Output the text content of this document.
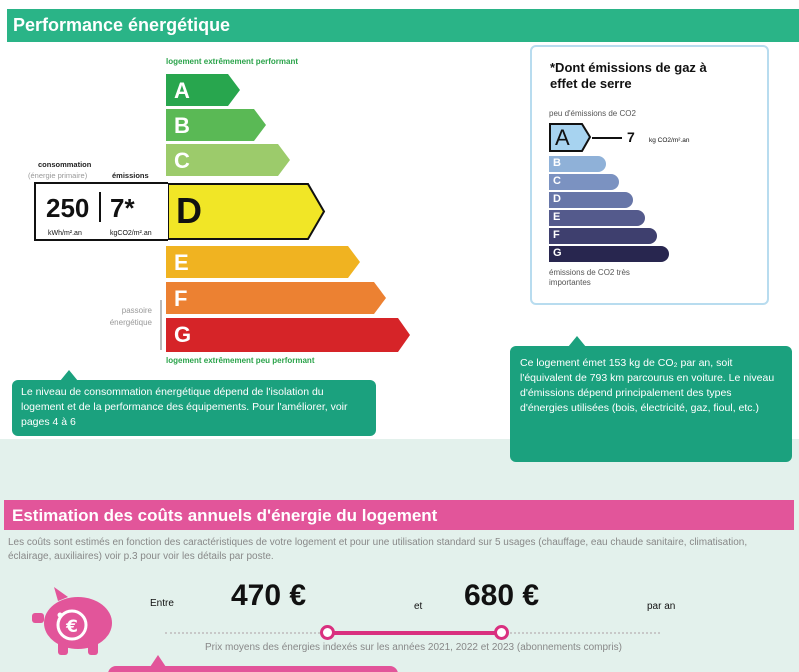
Performance énergétique
logement extrêmement performant
A
B
C
D
E
F
G
logement extrêmement peu performant
consommation
(énergie primaire)	émissions
250 7*
kWh/m².an	kgCO2/m².an
passoire énergétique
*Dont émissions de gaz à effet de serre
peu d'émissions de CO2
A
B
C
D
E
F
G
7 kg CO2/m².an
émissions de CO2 très importantes
Le niveau de consommation énergétique dépend de l'isolation du logement et de la performance des équipements. Pour l'améliorer, voir pages 4 à 6
Ce logement émet 153 kg de CO₂ par an, soit l'équivalent de 793 km parcourus en voiture. Le niveau d'émissions dépend principalement des types d'énergies utilisées (bois, électricité, gaz, fioul, etc.)
Estimation des coûts annuels d'énergie du logement
Les coûts sont estimés en fonction des caractéristiques de votre logement et pour une utilisation standard sur 5 usages (chauffage, eau chaude sanitaire, climatisation, éclairage, auxiliaires) voir p.3 pour voir les détails par poste.
€
Entre 470 €	et 680 €	par an
Prix moyens des énergies indexés sur les années 2021, 2022 et 2023 (abonnements compris)
